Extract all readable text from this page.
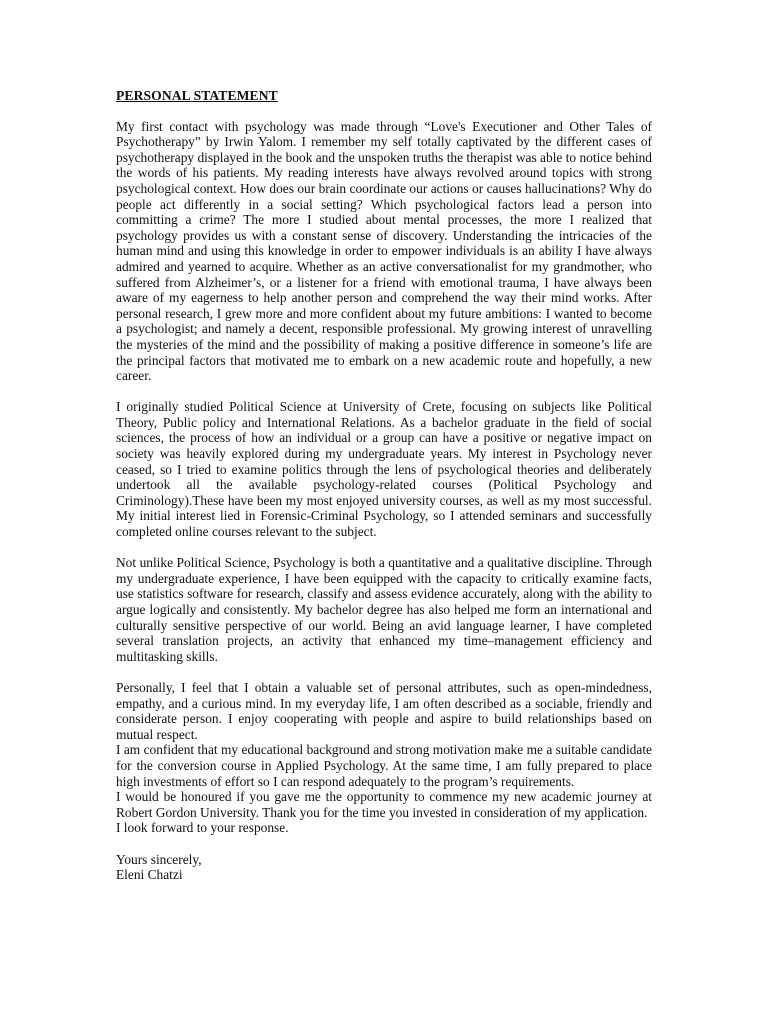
PERSONAL STATEMENT

My first contact with psychology was made through “Love's Executioner and Other Tales of Psychotherapy” by Irwin Yalom. I remember my self totally captivated by the different cases of psychotherapy displayed in the book and the unspoken truths the therapist was able to notice behind the words of his patients. My reading interests have always revolved around topics with strong psychological context. How does our brain coordinate our actions or causes hallucinations? Why do people act differently in a social setting? Which psychological factors lead a person into committing a crime? The more I studied about mental processes, the more I realized that psychology provides us with a constant sense of discovery. Understanding the intricacies of the human mind and using this knowledge in order to empower individuals is an ability I have always admired and yearned to acquire. Whether as an active conversationalist for my grandmother, who suffered from Alzheimer’s, or a listener for a friend with emotional trauma, I have always been aware of my eagerness to help another person and comprehend the way their mind works. After personal research, I grew more and more confident about my future ambitions: I wanted to become a psychologist; and namely a decent, responsible professional. My growing interest of unravelling the mysteries of the mind and the possibility of making a positive difference in someone’s life are the principal factors that motivated me to embark on a new academic route and hopefully, a new career.

I originally studied Political Science at University of Crete, focusing on subjects like Political Theory, Public policy and International Relations. As a bachelor graduate in the field of social sciences, the process of how an individual or a group can have a positive or negative impact on society was heavily explored during my undergraduate years. My interest in Psychology never ceased, so I tried to examine politics through the lens of psychological theories and deliberately undertook all the available psychology-related courses (Political Psychology and Criminology).These have been my most enjoyed university courses, as well as my most successful. My initial interest lied in Forensic-Criminal Psychology, so I attended seminars and successfully completed online courses relevant to the subject.

Not unlike Political Science, Psychology is both a quantitative and a qualitative discipline. Through my undergraduate experience, I have been equipped with the capacity to critically examine facts, use statistics software for research, classify and assess evidence accurately, along with the ability to argue logically and consistently. My bachelor degree has also helped me form an international and culturally sensitive perspective of our world. Being an avid language learner, I have completed several translation projects, an activity that enhanced my time–management efficiency and multitasking skills.

Personally, I feel that I obtain a valuable set of personal attributes, such as open-mindedness, empathy, and a curious mind. In my everyday life, I am often described as a sociable, friendly and considerate person. I enjoy cooperating with people and aspire to build relationships based on mutual respect.

I am confident that my educational background and strong motivation make me a suitable candidate for the conversion course in Applied Psychology. At the same time, I am fully prepared to place high investments of effort so I can respond adequately to the program’s requirements.

I would be honoured if you gave me the opportunity to commence my new academic journey at Robert Gordon University. Thank you for the time you invested in consideration of my application.

I look forward to your response.

Yours sincerely,

Eleni Chatzi
